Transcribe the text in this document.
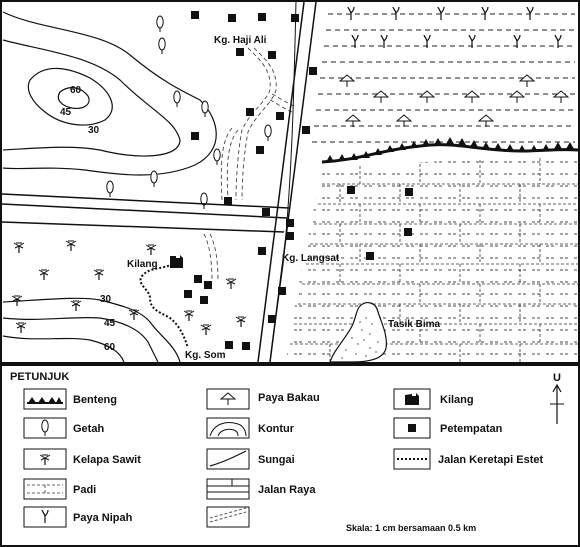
Tasik Bima
60
45
30
30
45
60
Kg. Haji Ali
Kg. Langsat
Kg. Som
Kilang
PETUNJUK
Benteng
Getah
Kelapa Sawit
Padi
Paya Nipah
Paya Bakau
Kontur
Sungai
Jalan Raya
Kilang
Petempatan
Jalan Keretapi Estet
U
Skala: 1 cm bersamaan 0.5 km
